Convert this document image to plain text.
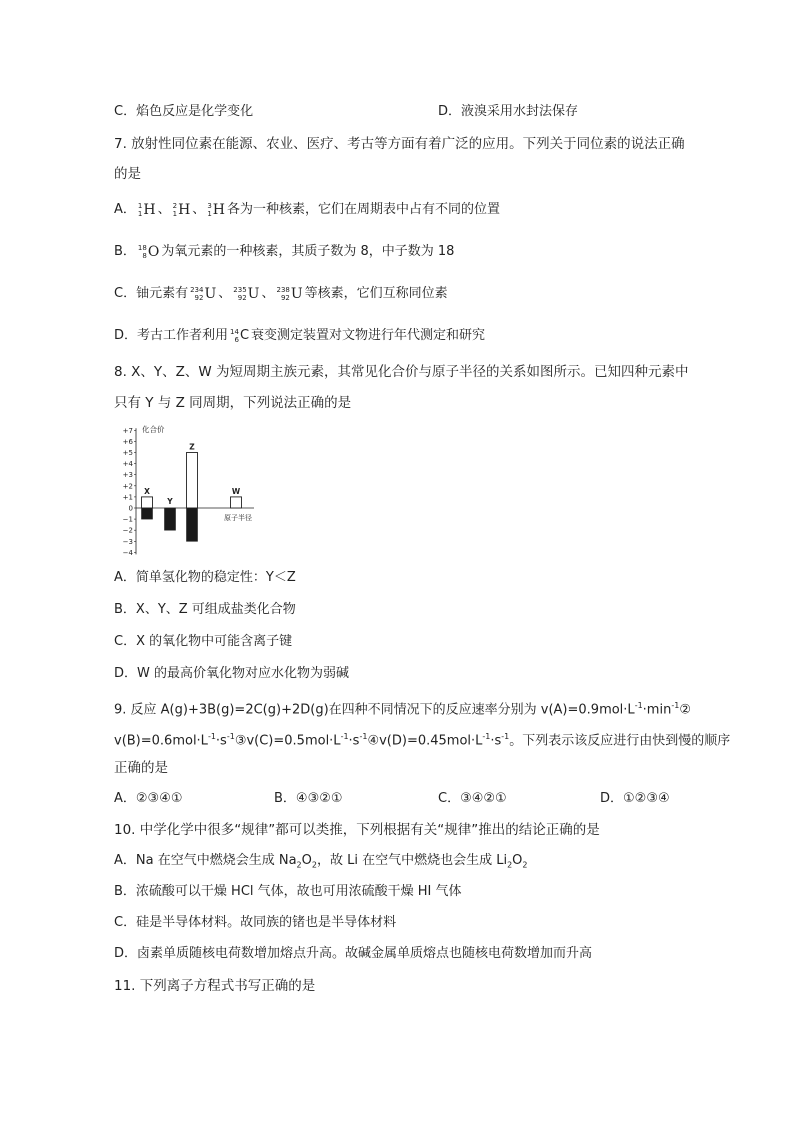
C．焰色反应是化学变化	D．液溴采用水封法保存
7. 放射性同位素在能源、农业、医疗、考古等方面有着广泛的应用。下列关于同位素的说法正确
的是
A． 1
1 H 、 2
1 H 、 3
1 H 各为一种核素，它们在周期表中占有不同的位置
B． 18
8 O 为氧元素的一种核素，其质子数为 8，中子数为 18
C．铀元素有 234
92 U 、 235
92 U 、 238
92 U 等核素，它们互称同位素
D．考古工作者利用 14
6 C 衰变测定装置对文物进行年代测定和研究
8. X、Y、Z、W 为短周期主族元素，其常见化合价与原子半径的关系如图所示。已知四种元素中
只有 Y 与 Z 同周期，下列说法正确的是
+7
+6
+5
+4
+3
+2
+1
0
−1
−2
−3
−4
X
Y
Z
W
化合价
原子半径
A．简单氢化物的稳定性：Y＜Z
B．X、Y、Z 可组成盐类化合物
C．X 的氧化物中可能含离子键
D．W 的最高价氧化物对应水化物为弱碱
9. 反应 A(g)+3B(g)=2C(g)+2D(g)在四种不同情况下的反应速率分别为 $v(A)=0.9mol\cdot L^{-1}\cdot\min^{-1}②$
$v(B)=0.6mol\cdot L^{-1}\cdot s^{-1}③v(C)=0.5mol\cdot L^{-1}\cdot s^{-1}④v(D)=0.45mol\cdot L^{-1}\cdot s^{-1}$。下列表示该反应进行由快到慢的顺序
正确的是
A．②③④①	B．④③②①	C．③④②①	D．①②③④
10. 中学化学中很多“规律”都可以类推，下列根据有关“规律”推出的结论正确的是
A．Na 在空气中燃烧会生成 $Na_2O_2$，故 Li 在空气中燃烧也会生成 $Li_2O_2$
B．浓硫酸可以干燥 HCl 气体，故也可用浓硫酸干燥 HI 气体
C．硅是半导体材料。故同族的锗也是半导体材料
D．卤素单质随核电荷数增加熔点升高。故碱金属单质熔点也随核电荷数增加而升高
11. 下列离子方程式书写正确的是
